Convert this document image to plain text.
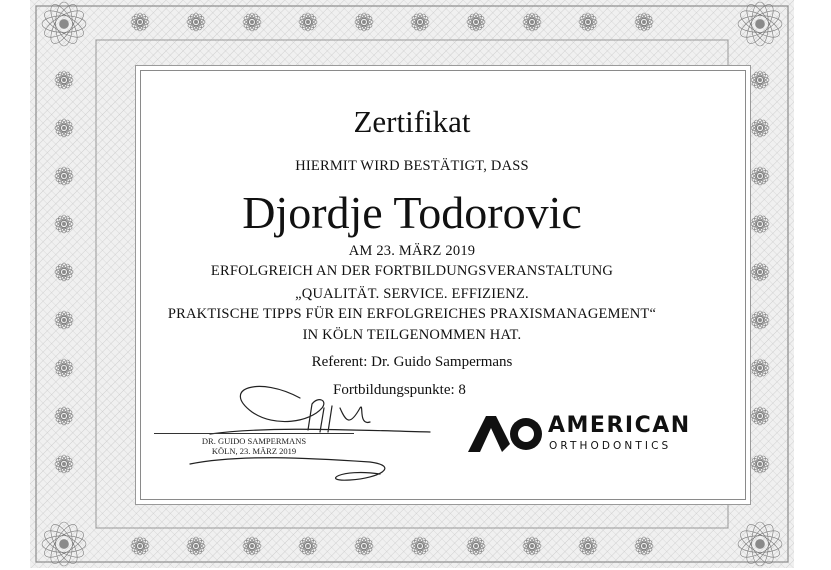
Zertifikat
HIERMIT WIRD BESTÄTIGT, DASS
Djordje Todorovic
AM 23. MÄRZ 2019
ERFOLGREICH AN DER FORTBILDUNGSVERANSTALTUNG
„QUALITÄT. SERVICE. EFFIZIENZ.
PRAKTISCHE TIPPS FÜR EIN ERFOLGREICHES PRAXISMANAGEMENT“
IN KÖLN TEILGENOMMEN HAT.
Referent: Dr. Guido Sampermans
Fortbildungspunkte: 8
DR. GUIDO SAMPERMANS
KÖLN, 23. MÄRZ 2019
AMERICAN
ORTHODONTICS
